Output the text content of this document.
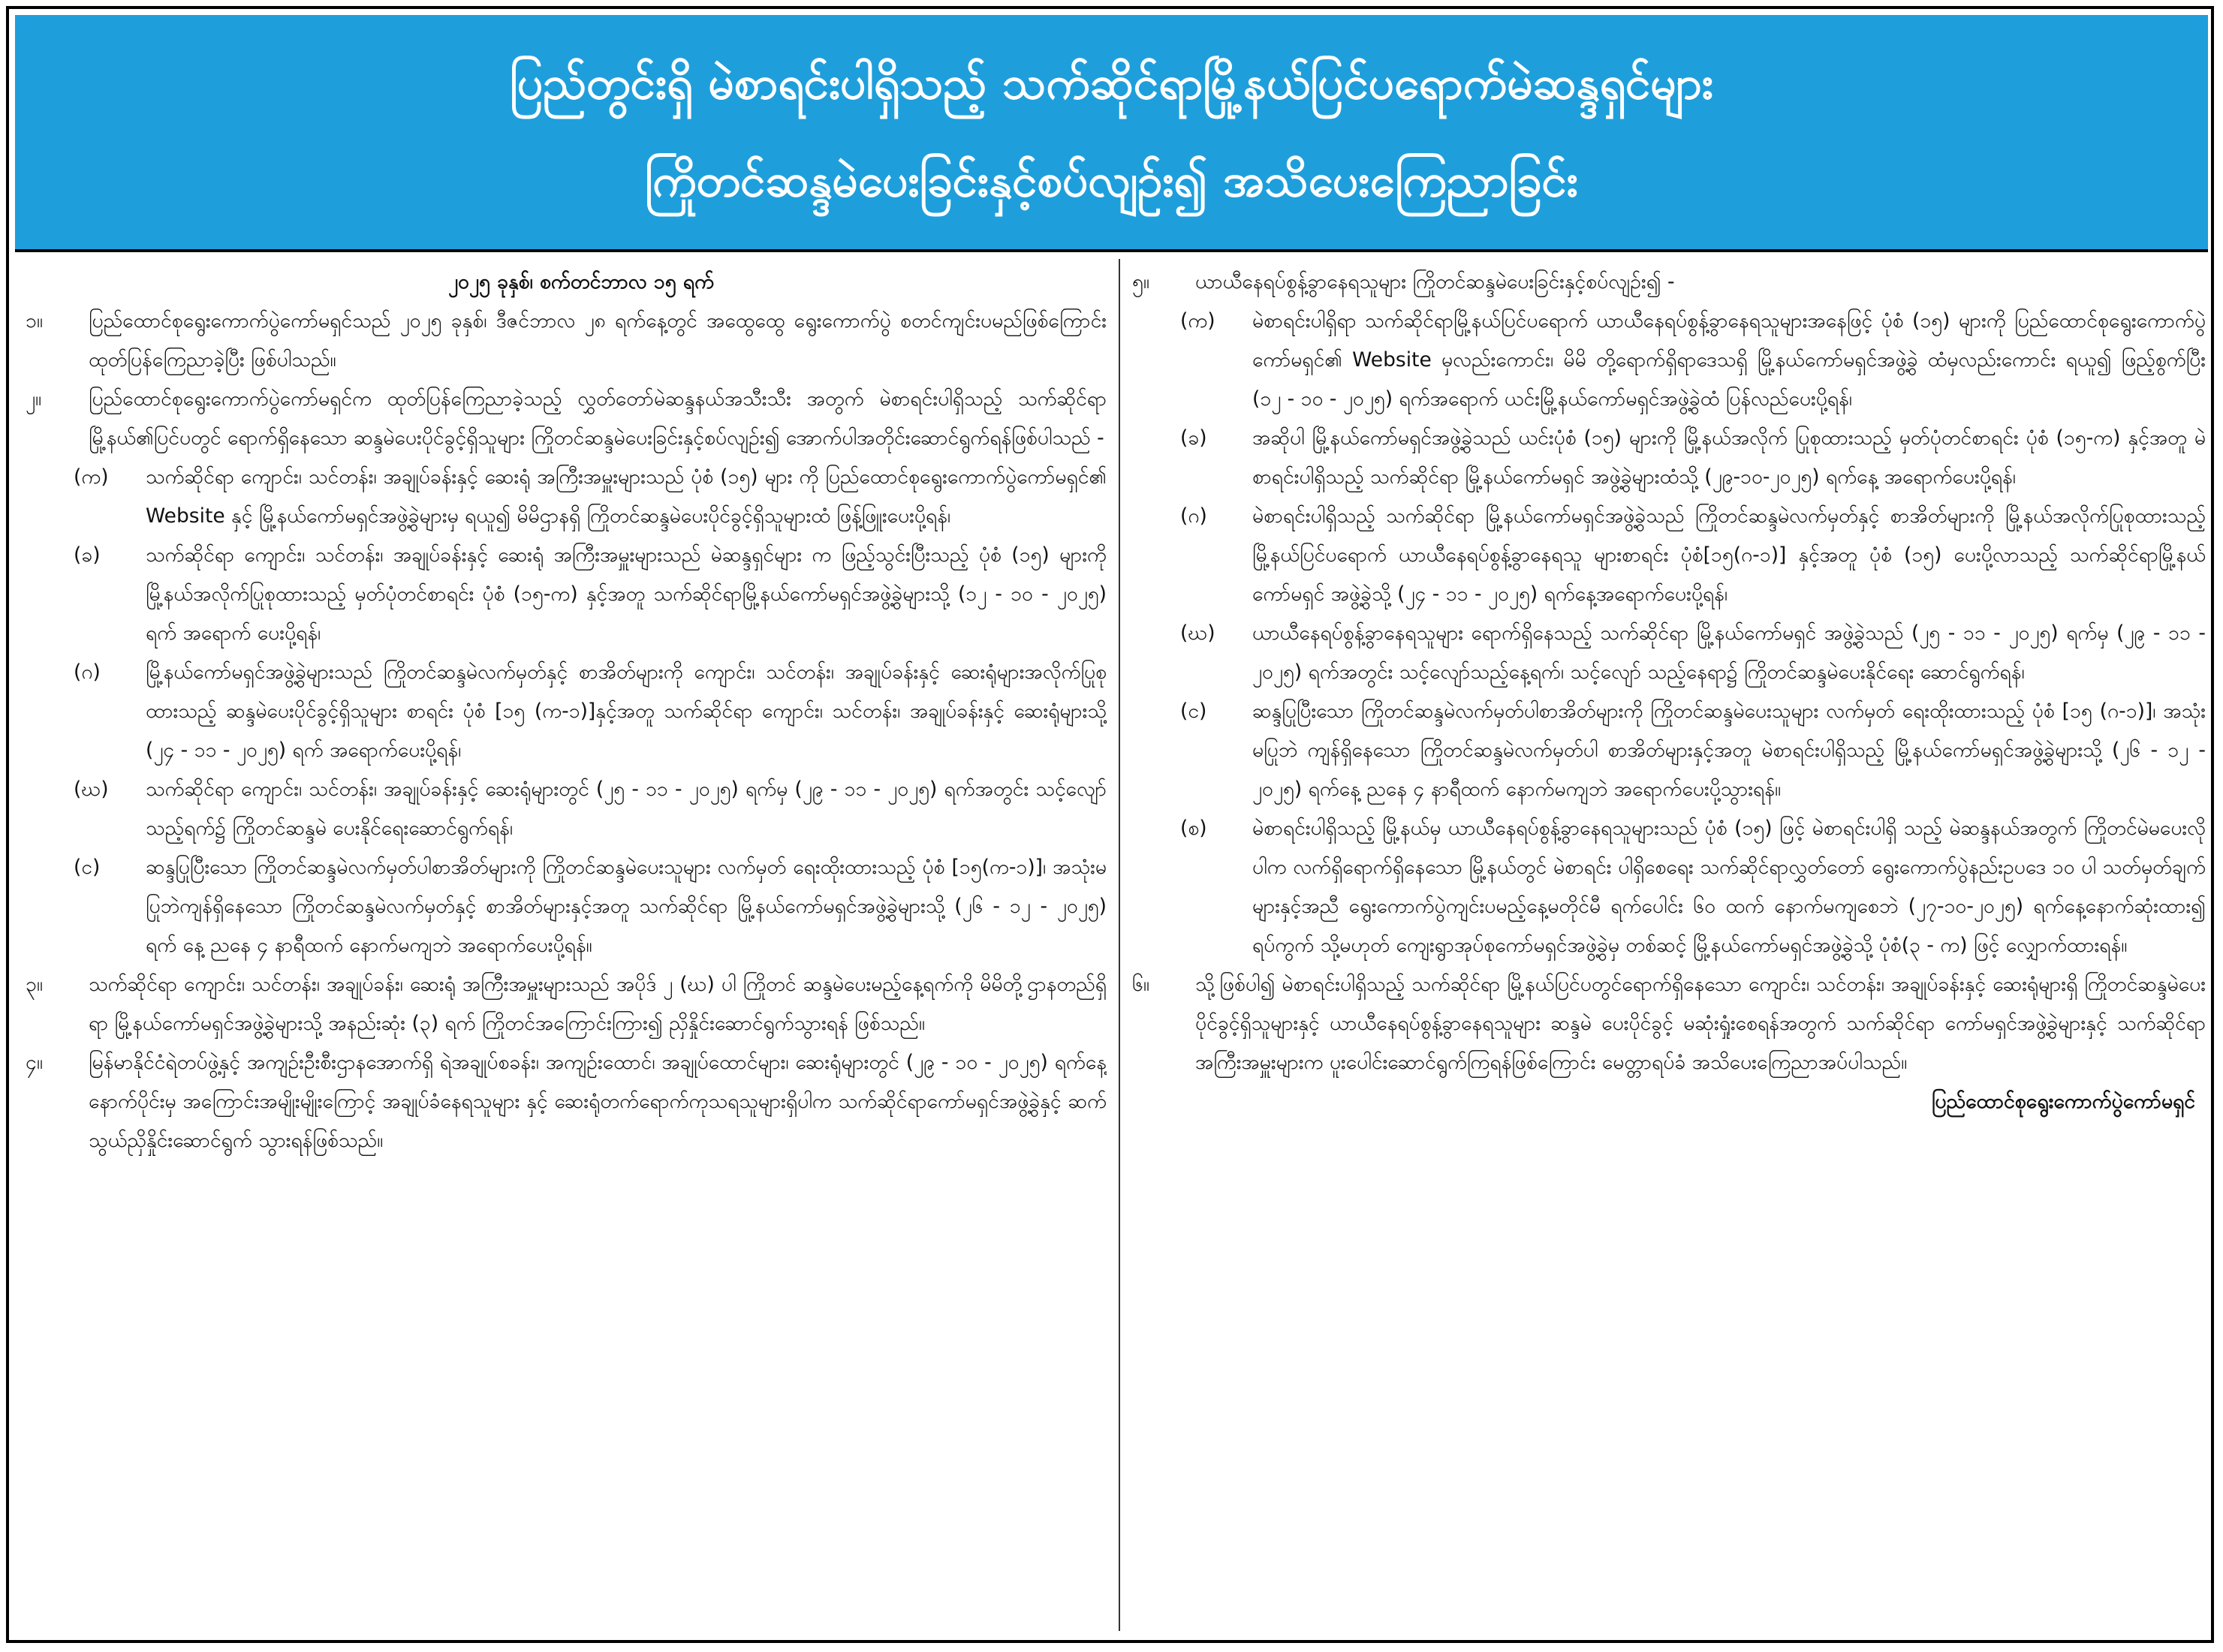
ပြည်တွင်းရှိ မဲစာရင်းပါရှိသည့် သက်ဆိုင်ရာမြို့နယ်ပြင်ပရောက်မဲဆန္ဒရှင်များ
ကြိုတင်ဆန္ဒမဲပေးခြင်းနှင့်စပ်လျဉ်း၍ အသိပေးကြေညာခြင်း
၂၀၂၅ ခုနှစ်၊ စက်တင်ဘာလ ၁၅ ရက်
၁။	ပြည်ထောင်စုရွေးကောက်ပွဲကော်မရှင်သည် ၂၀၂၅ ခုနှစ်၊ ဒီဇင်ဘာလ ၂၈ ရက်နေ့တွင် အထွေထွေ ရွေးကောက်ပွဲ စတင်ကျင်းပမည်ဖြစ်ကြောင်း ထုတ်ပြန်ကြေညာခဲ့ပြီး ဖြစ်ပါသည်။
၂။	ပြည်ထောင်စုရွေးကောက်ပွဲကော်မရှင်က ထုတ်ပြန်ကြေညာခဲ့သည့် လွှတ်တော်မဲဆန္ဒနယ်အသီးသီး အတွက် မဲစာရင်းပါရှိသည့် သက်ဆိုင်ရာမြို့နယ်၏ပြင်ပတွင် ရောက်ရှိနေသော ဆန္ဒမဲပေးပိုင်ခွင့်ရှိသူများ ကြိုတင်ဆန္ဒမဲပေးခြင်းနှင့်စပ်လျဉ်း၍ အောက်ပါအတိုင်းဆောင်ရွက်ရန်ဖြစ်ပါသည် -
(က)	သက်ဆိုင်ရာ ကျောင်း၊ သင်တန်း၊ အချုပ်ခန်းနှင့် ဆေးရုံ အကြီးအမှူးများသည် ပုံစံ (၁၅) များ ကို ပြည်ထောင်စုရွေးကောက်ပွဲကော်မရှင်၏ Website နှင့် မြို့နယ်ကော်မရှင်အဖွဲ့ခွဲများမှ ရယူ၍ မိမိဌာနရှိ ကြိုတင်ဆန္ဒမဲပေးပိုင်ခွင့်ရှိသူများထံ ဖြန့်ဖြူးပေးပို့ရန်၊
(ခ)	သက်ဆိုင်ရာ ကျောင်း၊ သင်တန်း၊ အချုပ်ခန်းနှင့် ဆေးရုံ အကြီးအမှူးများသည် မဲဆန္ဒရှင်များ က ဖြည့်သွင်းပြီးသည့် ပုံစံ (၁၅) များကို မြို့နယ်အလိုက်ပြုစုထားသည့် မှတ်ပုံတင်စာရင်း ပုံစံ (၁၅-က) နှင့်အတူ သက်ဆိုင်ရာမြို့နယ်ကော်မရှင်အဖွဲ့ခွဲများသို့ (၁၂ - ၁၀ - ၂၀၂၅) ရက် အရောက် ပေးပို့ရန်၊
(ဂ)	မြို့နယ်ကော်မရှင်အဖွဲ့ခွဲများသည် ကြိုတင်ဆန္ဒမဲလက်မှတ်နှင့် စာအိတ်များကို ကျောင်း၊ သင်တန်း၊ အချုပ်ခန်းနှင့် ဆေးရုံများအလိုက်ပြုစုထားသည့် ဆန္ဒမဲပေးပိုင်ခွင့်ရှိသူများ စာရင်း ပုံစံ [၁၅ (က-၁)]နှင့်အတူ သက်ဆိုင်ရာ ကျောင်း၊ သင်တန်း၊ အချုပ်ခန်းနှင့် ဆေးရုံများသို့ (၂၄ - ၁၁ - ၂၀၂၅) ရက် အရောက်ပေးပို့ရန်၊
(ဃ)	သက်ဆိုင်ရာ ကျောင်း၊ သင်တန်း၊ အချုပ်ခန်းနှင့် ဆေးရုံများတွင် (၂၅ - ၁၁ - ၂၀၂၅) ရက်မှ (၂၉ - ၁၁ - ၂၀၂၅) ရက်အတွင်း သင့်လျော်သည့်ရက်၌ ကြိုတင်ဆန္ဒမဲ ပေးနိုင်ရေးဆောင်ရွက်ရန်၊
(င)	ဆန္ဒပြုပြီးသော ကြိုတင်ဆန္ဒမဲလက်မှတ်ပါစာအိတ်များကို ကြိုတင်ဆန္ဒမဲပေးသူများ လက်မှတ် ရေးထိုးထားသည့် ပုံစံ [၁၅(က-၁)]၊ အသုံးမပြုဘဲကျန်ရှိနေသော ကြိုတင်ဆန္ဒမဲလက်မှတ်နှင့် စာအိတ်များနှင့်အတူ သက်ဆိုင်ရာ မြို့နယ်ကော်မရှင်အဖွဲ့ခွဲများသို့ (၂၆ - ၁၂ - ၂၀၂၅) ရက် နေ့ ညနေ ၄ နာရီထက် နောက်မကျဘဲ အရောက်ပေးပို့ရန်။
၃။	သက်ဆိုင်ရာ ကျောင်း၊ သင်တန်း၊ အချုပ်ခန်း၊ ဆေးရုံ အကြီးအမှူးများသည် အပိုဒ် ၂ (ဃ) ပါ ကြိုတင် ဆန္ဒမဲပေးမည့်နေ့ရက်ကို မိမိတို့ဌာနတည်ရှိရာ မြို့နယ်ကော်မရှင်အဖွဲ့ခွဲများသို့ အနည်းဆုံး (၃) ရက် ကြိုတင်အကြောင်းကြား၍ ညှိနှိုင်းဆောင်ရွက်သွားရန် ဖြစ်သည်။
၄။	မြန်မာနိုင်ငံရဲတပ်ဖွဲ့နှင့် အကျဉ်းဦးစီးဌာနအောက်ရှိ ရဲအချုပ်စခန်း၊ အကျဉ်းထောင်၊ အချုပ်ထောင်များ၊ ဆေးရုံများတွင် (၂၉ - ၁၀ - ၂၀၂၅) ရက်နေ့ နောက်ပိုင်းမှ အကြောင်းအမျိုးမျိုးကြောင့် အချုပ်ခံနေရသူများ နှင့် ဆေးရုံတက်ရောက်ကုသရသူများရှိပါက သက်ဆိုင်ရာကော်မရှင်အဖွဲ့ခွဲနှင့် ဆက်သွယ်ညှိနှိုင်းဆောင်ရွက် သွားရန်ဖြစ်သည်။
၅။	ယာယီနေရပ်စွန့်ခွာနေရသူများ ကြိုတင်ဆန္ဒမဲပေးခြင်းနှင့်စပ်လျဉ်း၍ -
(က)	မဲစာရင်းပါရှိရာ သက်ဆိုင်ရာမြို့နယ်ပြင်ပရောက် ယာယီနေရပ်စွန့်ခွာနေရသူများအနေဖြင့် ပုံစံ (၁၅) များကို ပြည်ထောင်စုရွေးကောက်ပွဲကော်မရှင်၏ Website မှလည်းကောင်း၊ မိမိ တို့ရောက်ရှိရာဒေသရှိ မြို့နယ်ကော်မရှင်အဖွဲ့ခွဲ ထံမှလည်းကောင်း ရယူ၍ ဖြည့်စွက်ပြီး (၁၂ - ၁၀ - ၂၀၂၅) ရက်အရောက် ယင်းမြို့နယ်ကော်မရှင်အဖွဲ့ခွဲထံ ပြန်လည်ပေးပို့ရန်၊
(ခ)	အဆိုပါ မြို့နယ်ကော်မရှင်အဖွဲ့ခွဲသည် ယင်းပုံစံ (၁၅) များကို မြို့နယ်အလိုက် ပြုစုထားသည့် မှတ်ပုံတင်စာရင်း ပုံစံ (၁၅-က) နှင့်အတူ မဲစာရင်းပါရှိသည့် သက်ဆိုင်ရာ မြို့နယ်ကော်မရှင် အဖွဲ့ခွဲများထံသို့ (၂၉-၁၀-၂၀၂၅) ရက်နေ့ အရောက်ပေးပို့ရန်၊
(ဂ)	မဲစာရင်းပါရှိသည့် သက်ဆိုင်ရာ မြို့နယ်ကော်မရှင်အဖွဲ့ခွဲသည် ကြိုတင်ဆန္ဒမဲလက်မှတ်နှင့် စာအိတ်များကို မြို့နယ်အလိုက်ပြုစုထားသည့် မြို့နယ်ပြင်ပရောက် ယာယီနေရပ်စွန့်ခွာနေရသူ များစာရင်း ပုံစံ[၁၅(ဂ-၁)] နှင့်အတူ ပုံစံ (၁၅) ပေးပို့လာသည့် သက်ဆိုင်ရာမြို့နယ်ကော်မရှင် အဖွဲ့ခွဲသို့ (၂၄ - ၁၁ - ၂၀၂၅) ရက်နေ့အရောက်ပေးပို့ရန်၊
(ဃ)	ယာယီနေရပ်စွန့်ခွာနေရသူများ ရောက်ရှိနေသည့် သက်ဆိုင်ရာ မြို့နယ်ကော်မရှင် အဖွဲ့ခွဲသည် (၂၅ - ၁၁ - ၂၀၂၅) ရက်မှ (၂၉ - ၁၁ - ၂၀၂၅) ရက်အတွင်း သင့်လျော်သည့်နေ့ရက်၊ သင့်လျော် သည့်နေရာ၌ ကြိုတင်ဆန္ဒမဲပေးနိုင်ရေး ဆောင်ရွက်ရန်၊
(င)	ဆန္ဒပြုပြီးသော ကြိုတင်ဆန္ဒမဲလက်မှတ်ပါစာအိတ်များကို ကြိုတင်ဆန္ဒမဲပေးသူများ လက်မှတ် ရေးထိုးထားသည့် ပုံစံ [၁၅ (ဂ-၁)]၊ အသုံးမပြုဘဲ ကျန်ရှိနေသော ကြိုတင်ဆန္ဒမဲလက်မှတ်ပါ စာအိတ်များနှင့်အတူ မဲစာရင်းပါရှိသည့် မြို့နယ်ကော်မရှင်အဖွဲ့ခွဲများသို့ (၂၆ - ၁၂ - ၂၀၂၅) ရက်နေ့ ညနေ ၄ နာရီထက် နောက်မကျဘဲ အရောက်ပေးပို့သွားရန်။
(စ)	မဲစာရင်းပါရှိသည့် မြို့နယ်မှ ယာယီနေရပ်စွန့်ခွာနေရသူများသည် ပုံစံ (၁၅) ဖြင့် မဲစာရင်းပါရှိ သည့် မဲဆန္ဒနယ်အတွက် ကြိုတင်မဲမပေးလိုပါက လက်ရှိရောက်ရှိနေသော မြို့နယ်တွင် မဲစာရင်း ပါရှိစေရေး သက်ဆိုင်ရာလွှတ်တော် ရွေးကောက်ပွဲနည်းဥပဒေ ၁၀ ပါ သတ်မှတ်ချက်များနှင့်အညီ ရွေးကောက်ပွဲကျင်းပမည့်နေ့မတိုင်မီ ရက်ပေါင်း ၆၀ ထက် နောက်မကျစေဘဲ (၂၇-၁၀-၂၀၂၅) ရက်နေ့နောက်ဆုံးထား၍ ရပ်ကွက် သို့မဟုတ် ကျေးရွာအုပ်စုကော်မရှင်အဖွဲ့ခွဲမှ တစ်ဆင့် မြို့နယ်ကော်မရှင်အဖွဲ့ခွဲသို့ ပုံစံ(၃ - က) ဖြင့် လျှောက်ထားရန်။
၆။	သို့ဖြစ်ပါ၍ မဲစာရင်းပါရှိသည့် သက်ဆိုင်ရာ မြို့နယ်ပြင်ပတွင်ရောက်ရှိနေသော ကျောင်း၊ သင်တန်း၊ အချုပ်ခန်းနှင့် ဆေးရုံများရှိ ကြိုတင်ဆန္ဒမဲပေးပိုင်ခွင့်ရှိသူများနှင့် ယာယီနေရပ်စွန့်ခွာနေရသူများ ဆန္ဒမဲ ပေးပိုင်ခွင့် မဆုံးရှုံးစေရန်အတွက် သက်ဆိုင်ရာ ကော်မရှင်အဖွဲ့ခွဲများနှင့် သက်ဆိုင်ရာအကြီးအမှူးများက ပူးပေါင်းဆောင်ရွက်ကြရန်ဖြစ်ကြောင်း မေတ္တာရပ်ခံ အသိပေးကြေညာအပ်ပါသည်။
ပြည်ထောင်စုရွေးကောက်ပွဲကော်မရှင်
